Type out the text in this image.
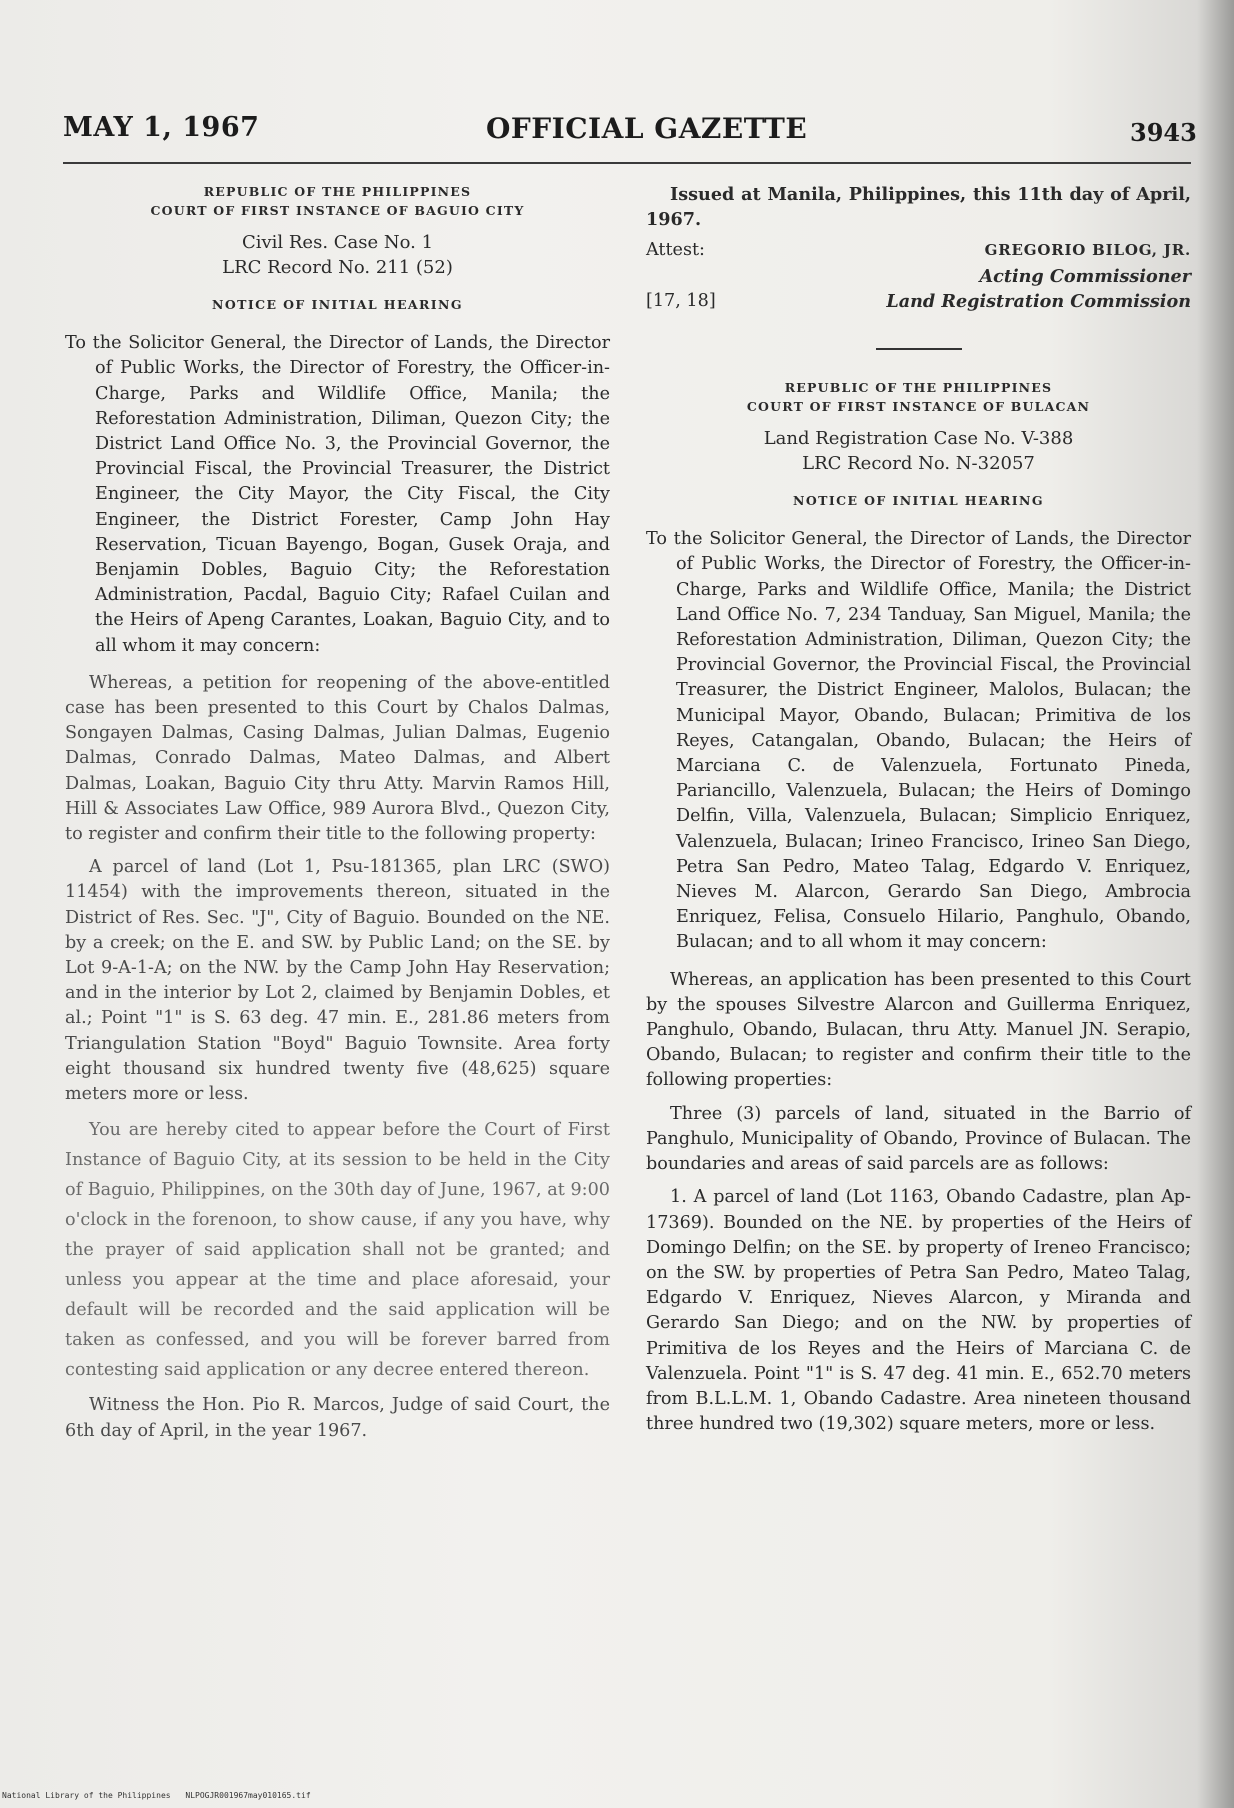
MAY 1, 1967	OFFICIAL GAZETTE	3943
REPUBLIC OF THE PHILIPPINES
COURT OF FIRST INSTANCE OF BAGUIO CITY
Civil Res. Case No. 1
LRC Record No. 211 (52)
NOTICE OF INITIAL HEARING

To the Solicitor General, the Director of Lands, the Director of Public Works, the Director of Forestry, the Officer-in-Charge, Parks and Wildlife Office, Manila; the Reforestation Administration, Diliman, Quezon City; the District Land Office No. 3, the Provincial Governor, the Provincial Fiscal, the Provincial Treasurer, the District Engineer, the City Mayor, the City Fiscal, the City Engineer, the District Forester, Camp John Hay Reservation, Ticuan Bayengo, Bogan, Gusek Oraja, and Benjamin Dobles, Baguio City; the Reforestation Administration, Pacdal, Baguio City; Rafael Cuilan and the Heirs of Apeng Carantes, Loakan, Baguio City, and to all whom it may concern:

Whereas, a petition for reopening of the above-entitled case has been presented to this Court by Chalos Dalmas, Songayen Dalmas, Casing Dalmas, Julian Dalmas, Eugenio Dalmas, Conrado Dalmas, Mateo Dalmas, and Albert Dalmas, Loakan, Baguio City thru Atty. Marvin Ramos Hill, Hill & Associates Law Office, 989 Aurora Blvd., Quezon City, to register and confirm their title to the following property:

A parcel of land (Lot 1, Psu-181365, plan LRC (SWO) 11454) with the improvements thereon, situated in the District of Res. Sec. "J", City of Baguio. Bounded on the NE. by a creek; on the E. and SW. by Public Land; on the SE. by Lot 9-A-1-A; on the NW. by the Camp John Hay Reservation; and in the interior by Lot 2, claimed by Benjamin Dobles, et al.; Point "1" is S. 63 deg. 47 min. E., 281.86 meters from Triangulation Station "Boyd" Baguio Townsite. Area forty eight thousand six hundred twenty five (48,625) square meters more or less.

You are hereby cited to appear before the Court of First Instance of Baguio City, at its session to be held in the City of Baguio, Philippines, on the 30th day of June, 1967, at 9:00 o'clock in the forenoon, to show cause, if any you have, why the prayer of said application shall not be granted; and unless you appear at the time and place aforesaid, your default will be recorded and the said application will be taken as confessed, and you will be forever barred from contesting said application or any decree entered thereon.

Witness the Hon. Pio R. Marcos, Judge of said Court, the 6th day of April, in the year 1967.

Issued at Manila, Philippines, this 11th day of April, 1967.

Attest:	GREGORIO BILOG, JR.
Acting Commissioner
[17, 18]	Land Registration Commission
REPUBLIC OF THE PHILIPPINES
COURT OF FIRST INSTANCE OF BULACAN
Land Registration Case No. V-388
LRC Record No. N-32057
NOTICE OF INITIAL HEARING

To the Solicitor General, the Director of Lands, the Director of Public Works, the Director of Forestry, the Officer-in-Charge, Parks and Wildlife Office, Manila; the District Land Office No. 7, 234 Tanduay, San Miguel, Manila; the Reforestation Administration, Diliman, Quezon City; the Provincial Governor, the Provincial Fiscal, the Provincial Treasurer, the District Engineer, Malolos, Bulacan; the Municipal Mayor, Obando, Bulacan; Primitiva de los Reyes, Catangalan, Obando, Bulacan; the Heirs of Marciana C. de Valenzuela, Fortunato Pineda, Pariancillo, Valenzuela, Bulacan; the Heirs of Domingo Delfin, Villa, Valenzuela, Bulacan; Simplicio Enriquez, Valenzuela, Bulacan; Irineo Francisco, Irineo San Diego, Petra San Pedro, Mateo Talag, Edgardo V. Enriquez, Nieves M. Alarcon, Gerardo San Diego, Ambrocia Enriquez, Felisa, Consuelo Hilario, Panghulo, Obando, Bulacan; and to all whom it may concern:

Whereas, an application has been presented to this Court by the spouses Silvestre Alarcon and Guillerma Enriquez, Panghulo, Obando, Bulacan, thru Atty. Manuel JN. Serapio, Obando, Bulacan; to register and confirm their title to the following properties:

Three (3) parcels of land, situated in the Barrio of Panghulo, Municipality of Obando, Province of Bulacan. The boundaries and areas of said parcels are as follows:

1. A parcel of land (Lot 1163, Obando Cadastre, plan Ap-17369). Bounded on the NE. by properties of the Heirs of Domingo Delfin; on the SE. by property of Ireneo Francisco; on the SW. by properties of Petra San Pedro, Mateo Talag, Edgardo V. Enriquez, Nieves Alarcon, y Miranda and Gerardo San Diego; and on the NW. by properties of Primitiva de los Reyes and the Heirs of Marciana C. de Valenzuela. Point "1" is S. 47 deg. 41 min. E., 652.70 meters from B.L.L.M. 1, Obando Cadastre. Area nineteen thousand three hundred two (19,302) square meters, more or less.

National Library of the Philippines NLPOGJR001967may010165.tif
